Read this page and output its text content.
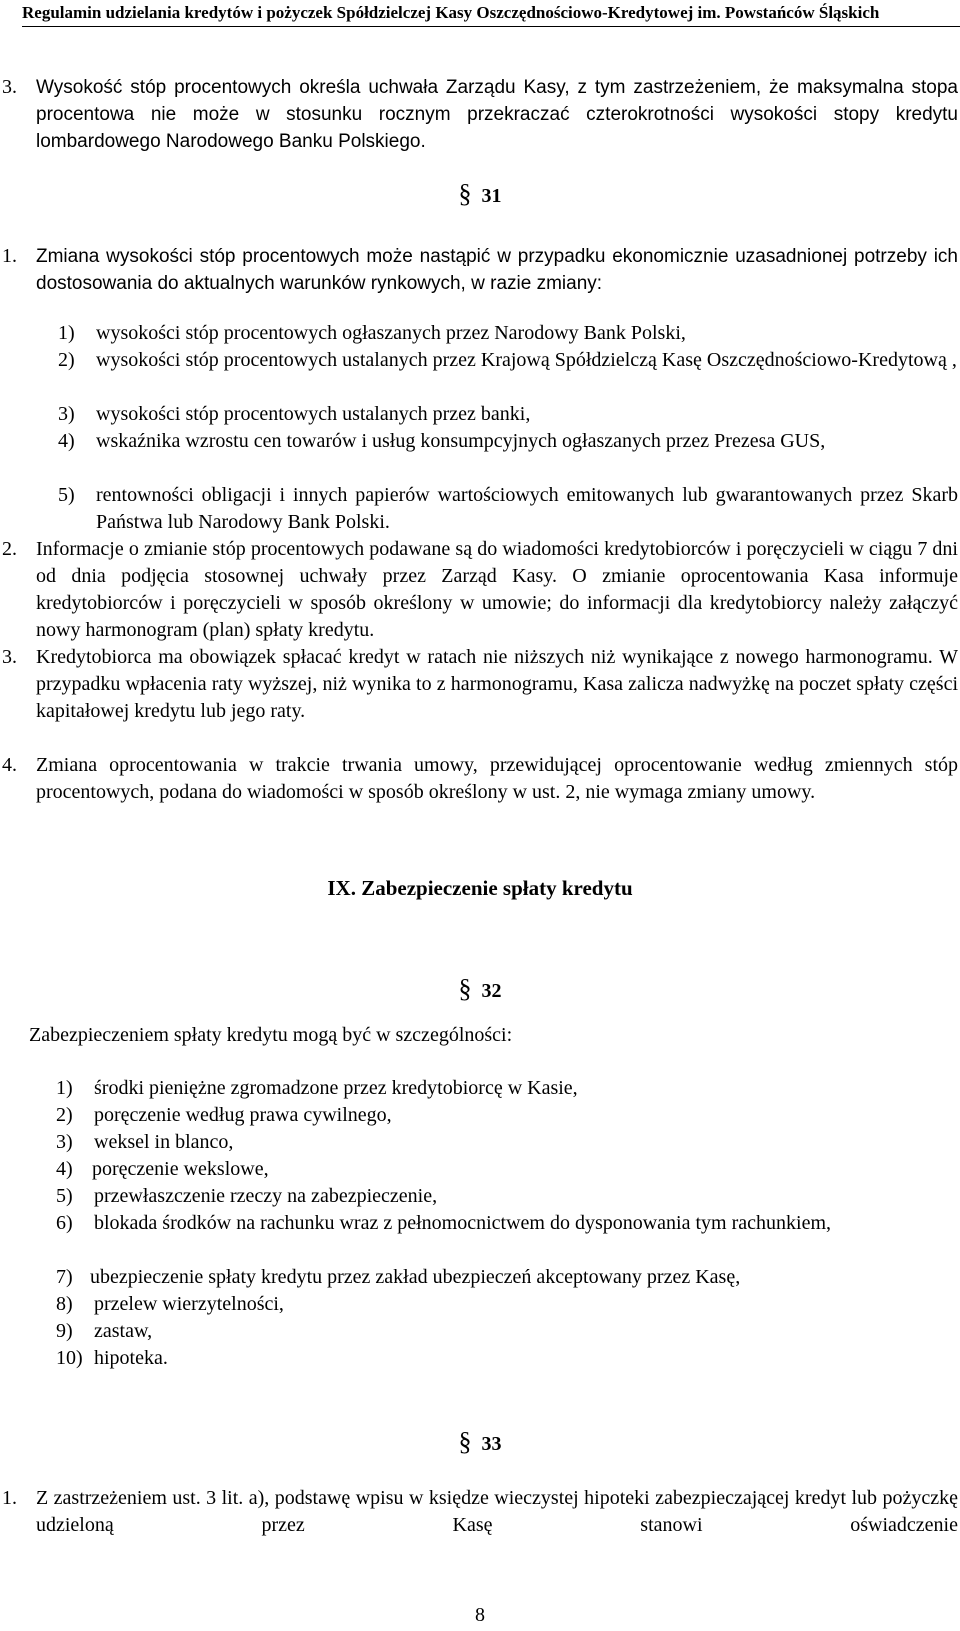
Regulamin udzielania kredytów i pożyczek Spółdzielczej Kasy Oszczędnościowo-Kredytowej im. Powstańców Śląskich
3. Wysokość stóp procentowych określa uchwała Zarządu Kasy, z tym zastrzeżeniem, że maksymalna stopa procentowa nie może w stosunku rocznym przekraczać czterokrotności wysokości stopy kredytu lombardowego Narodowego Banku Polskiego.
§ 31
1. Zmiana wysokości stóp procentowych może nastąpić w przypadku ekonomicznie uzasadnionej potrzeby ich dostosowania do aktualnych warunków rynkowych, w razie zmiany:
1) wysokości stóp procentowych ogłaszanych przez Narodowy Bank Polski,
2) wysokości stóp procentowych ustalanych przez Krajową Spółdzielczą Kasę Oszczędnościowo-Kredytową ,
3) wysokości stóp procentowych ustalanych przez banki,
4) wskaźnika wzrostu cen towarów i usług konsumpcyjnych ogłaszanych przez Prezesa GUS,
5) rentowności obligacji i innych papierów wartościowych emitowanych lub gwarantowanych przez Skarb Państwa lub Narodowy Bank Polski.
2. Informacje o zmianie stóp procentowych podawane są do wiadomości kredytobiorców i poręczycieli w ciągu 7 dni od dnia podjęcia stosownej uchwały przez Zarząd Kasy. O zmianie oprocentowania Kasa informuje kredytobiorców i poręczycieli w sposób określony w umowie; do informacji dla kredytobiorcy należy załączyć nowy harmonogram (plan) spłaty kredytu.
3. Kredytobiorca ma obowiązek spłacać kredyt w ratach nie niższych niż wynikające z nowego harmonogramu. W przypadku wpłacenia raty wyższej, niż wynika to z harmonogramu, Kasa zalicza nadwyżkę na poczet spłaty części kapitałowej kredytu lub jego raty.
4. Zmiana oprocentowania w trakcie trwania umowy, przewidującej oprocentowanie według zmiennych stóp procentowych, podana do wiadomości w sposób określony w ust. 2, nie wymaga zmiany umowy.
IX. Zabezpieczenie spłaty kredytu
§ 32
Zabezpieczeniem spłaty kredytu mogą być w szczególności:
1) środki pieniężne zgromadzone przez kredytobiorcę w Kasie,
2) poręczenie według prawa cywilnego,
3) weksel in blanco,
4) poręczenie wekslowe,
5) przewłaszczenie rzeczy na zabezpieczenie,
6) blokada środków na rachunku wraz z pełnomocnictwem do dysponowania tym rachunkiem,
7) ubezpieczenie spłaty kredytu przez zakład ubezpieczeń akceptowany przez Kasę,
8) przelew wierzytelności,
9) zastaw,
10) hipoteka.
§ 33
1. Z zastrzeżeniem ust. 3 lit. a), podstawę wpisu w księdze wieczystej hipoteki zabezpieczającej kredyt lub pożyczkę udzieloną przez Kasę stanowi oświadczenie
8
